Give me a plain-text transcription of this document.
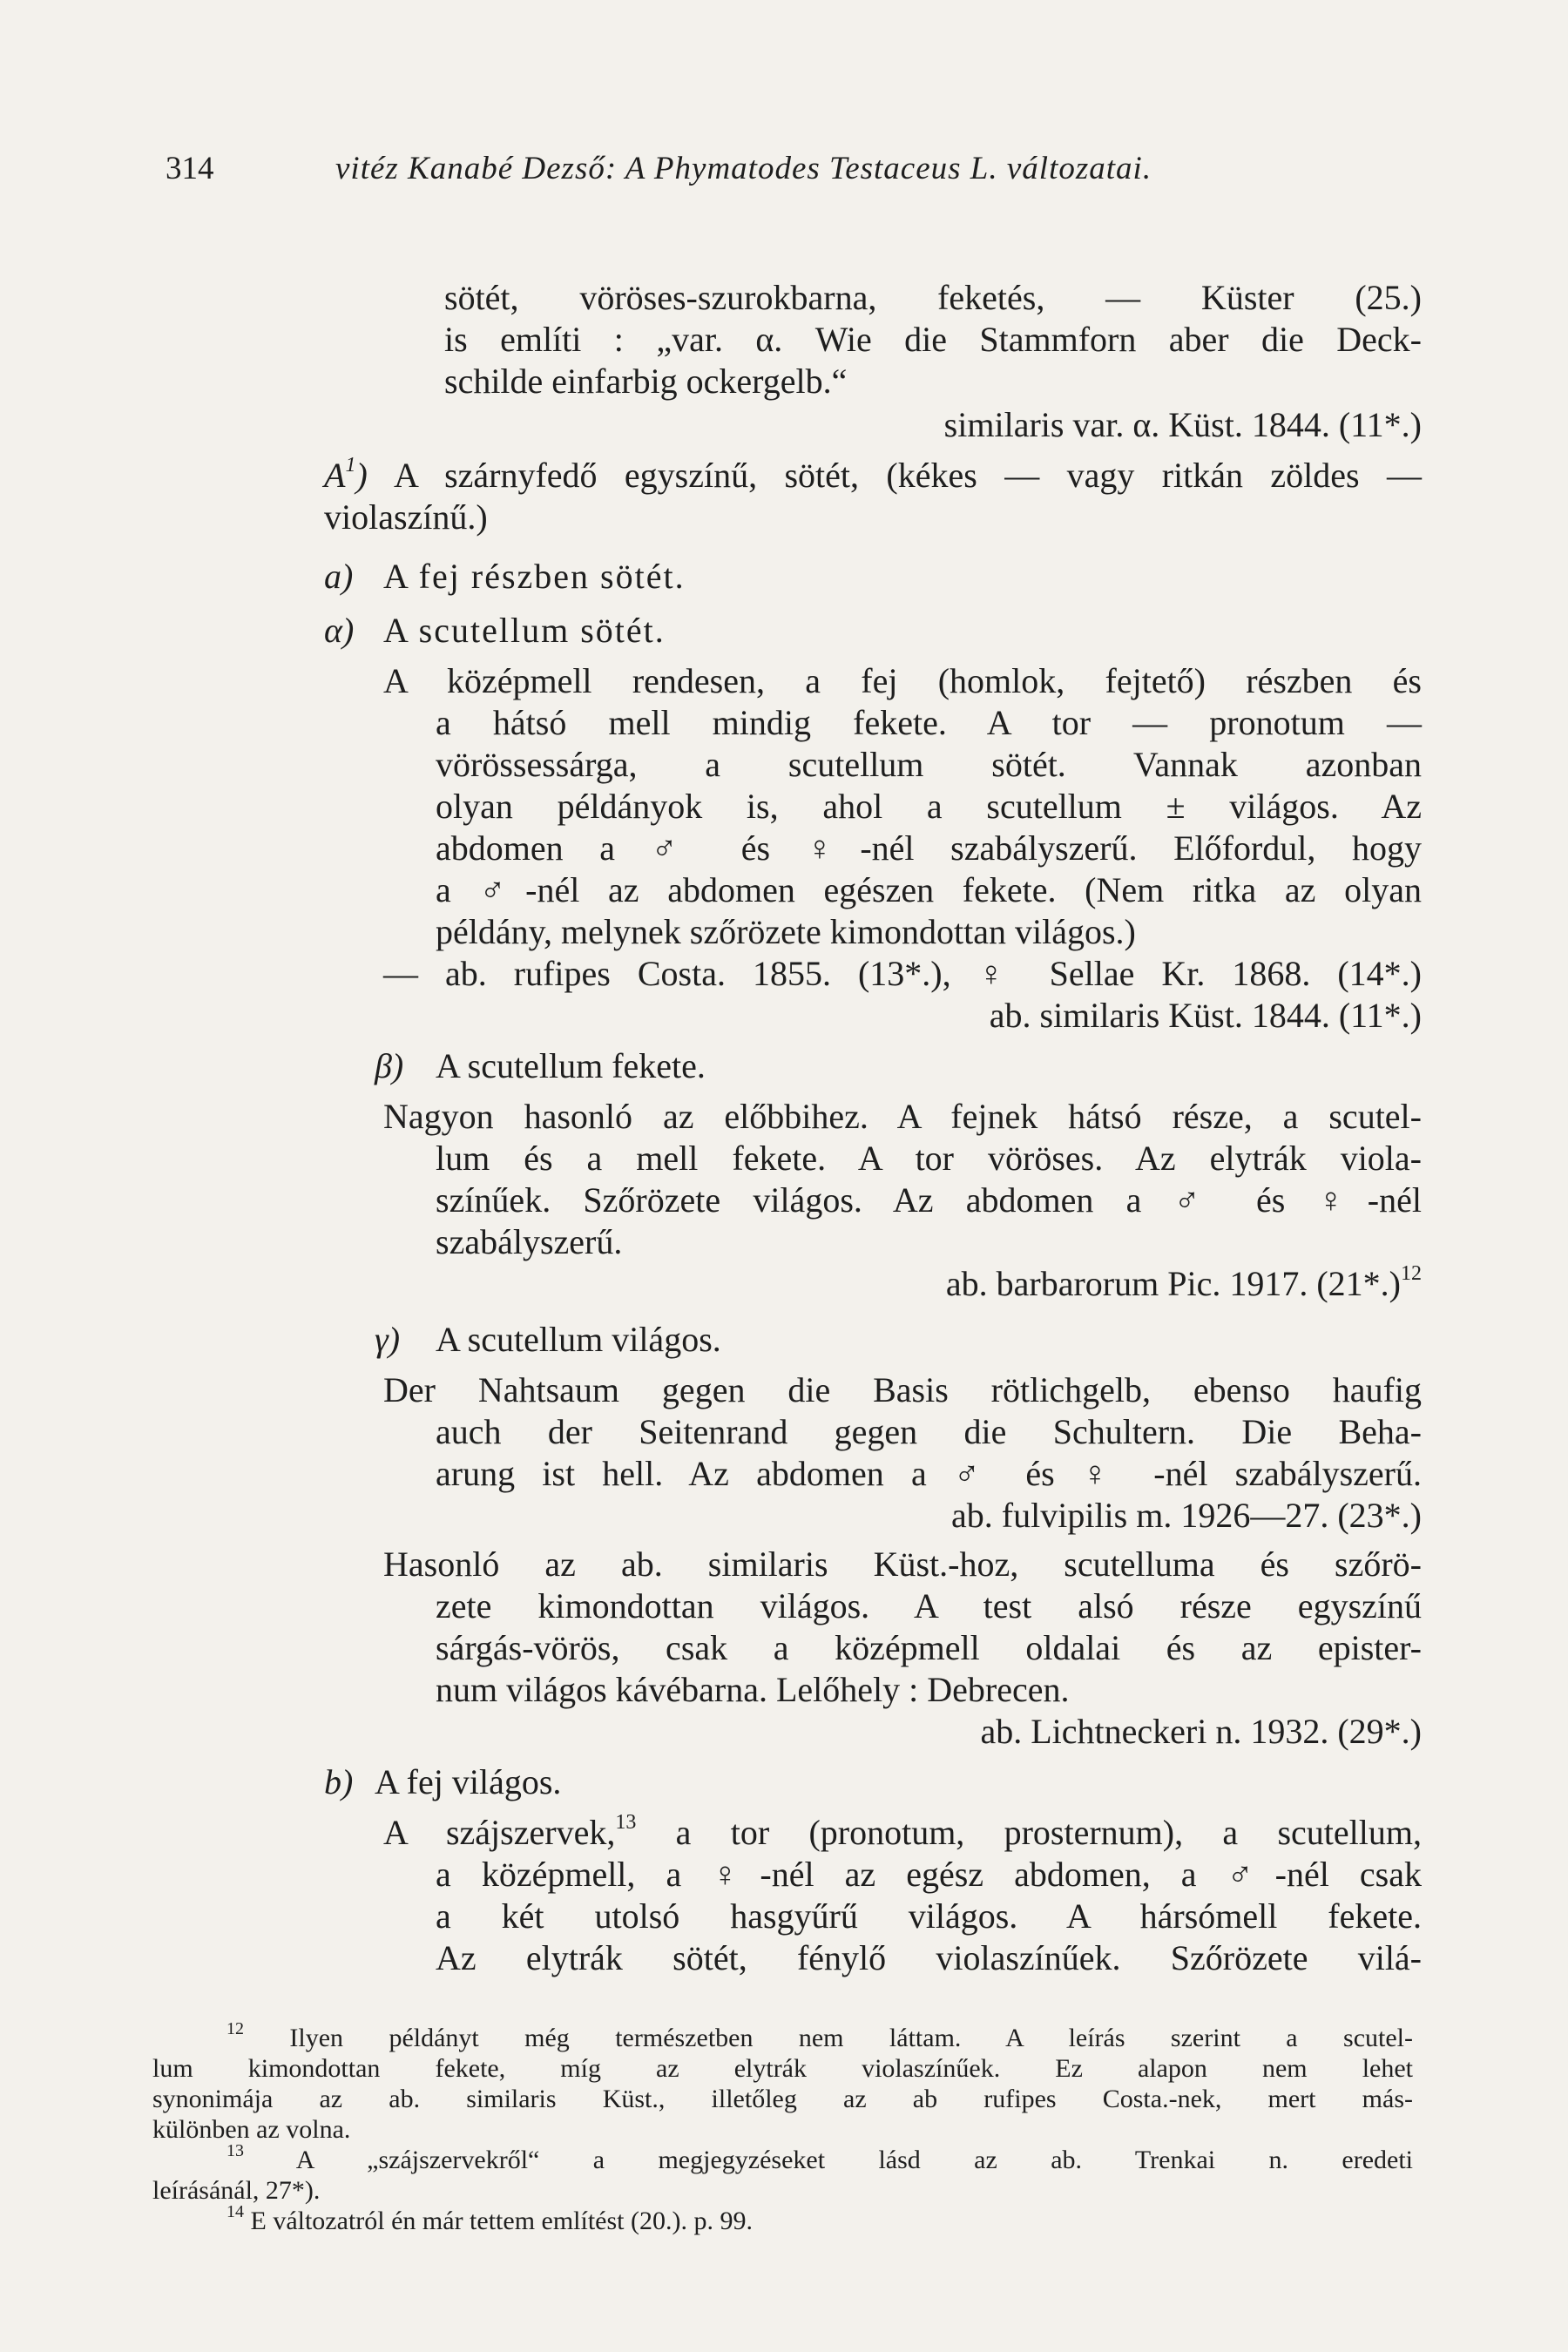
314	vitéz Kanabé Dezső: A Phymatodes Testaceus L. változatai.
sötét, vöröses-szurokbarna, feketés, — Küster (25.)
is említi : „var. α. Wie die Stammforn aber die Deck-
schilde einfarbig ockergelb.“
similaris var. α. Küst. 1844. (11*.)
$A^1$) A szárnyfedő egyszínű, sötét, (kékes — vagy ritkán zöldes —
violaszínű.)
a) A fej részben sötét.
α) A scutellum sötét.
A középmell rendesen, a fej (homlok, fejtető) részben és
a hátsó mell mindig fekete. A tor — pronotum —
vörössessárga, a scutellum sötét. Vannak azonban
olyan példányok is, ahol a scutellum ± világos. Az
abdomen a ♂ és ♀-nél szabályszerű. Előfordul, hogy
a ♂-nél az abdomen egészen fekete. (Nem ritka az olyan
példány, melynek szőrözete kimondottan világos.)
— ab. rufipes Costa. 1855. (13*.), ♀ Sellae Kr. 1868. (14*.)
ab. similaris Küst. 1844. (11*.)
β) A scutellum fekete.
Nagyon hasonló az előbbihez. A fejnek hátsó része, a scutel-
lum és a mell fekete. A tor vöröses. Az elytrák viola-
színűek. Szőrözete világos. Az abdomen a ♂ és ♀-nél
szabályszerű.
ab. barbarorum Pic. 1917. $(21*.)^{12}$
γ) A scutellum világos.
Der Nahtsaum gegen die Basis rötlichgelb, ebenso haufig
auch der Seitenrand gegen die Schultern. Die Beha-
arung ist hell. Az abdomen a ♂ és ♀ -nél szabályszerű.
ab. fulvipilis m. 1926—27. (23*.)
Hasonló az ab. similaris Küst.-hoz, scutelluma és szőrö-
zete kimondottan világos. A test alsó része egyszínű
sárgás-vörös, csak a középmell oldalai és az epister-
num világos kávébarna. Lelőhely : Debrecen.
ab. Lichtneckeri n. 1932. (29*.)
b) A fej világos.
A szájszervek,$^{13}$ a tor (pronotum, prosternum), a scutellum,
a középmell, a ♀-nél az egész abdomen, a ♂-nél csak
a két utolsó hasgyűrű világos. A hársómell fekete.
Az elytrák sötét, fénylő violaszínűek. Szőrözete vilá-
$^{12}$ Ilyen példányt még természetben nem láttam. A leírás szerint a scutel-
lum kimondottan fekete, míg az elytrák violaszínűek. Ez alapon nem lehet
synonimája az ab. similaris Küst., illetőleg az ab rufipes Costa.-nek, mert más-
különben az volna.
$^{13}$ A „szájszervekről“ a megjegyzéseket lásd az ab. Trenkai n. eredeti
leírásánál, 27*).
$^{14}$ E változatról én már tettem említést (20.). p. 99.
